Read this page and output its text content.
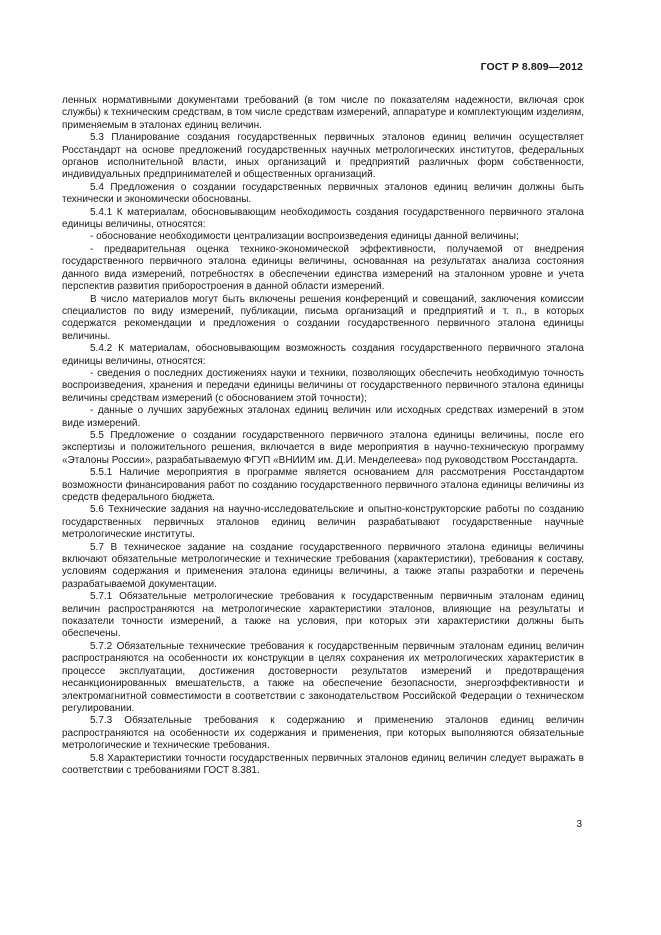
ГОСТ Р 8.809—2012

ленных нормативными документами требований (в том числе по показателям надежности, включая срок службы) к техническим средствам, в том числе средствам измерений, аппаратуре и комплектующим изделиям, применяемым в эталонах единиц величин.

5.3 Планирование создания государственных первичных эталонов единиц величин осуществляет Росстандарт на основе предложений государственных научных метрологических институтов, федеральных органов исполнительной власти, иных организаций и предприятий различных форм собственности, индивидуальных предпринимателей и общественных организаций.

5.4 Предложения о создании государственных первичных эталонов единиц величин должны быть технически и экономически обоснованы.

5.4.1 К материалам, обосновывающим необходимость создания государственного первичного эталона единицы величины, относятся:

- обоснование необходимости централизации воспроизведения единицы данной величины;

- предварительная оценка технико-экономической эффективности, получаемой от внедрения государственного первичного эталона единицы величины, основанная на результатах анализа состояния данного вида измерений, потребностях в обеспечении единства измерений на эталонном уровне и учета перспектив развития приборостроения в данной области измерений.

В число материалов могут быть включены решения конференций и совещаний, заключения комиссии специалистов по виду измерений, публикации, письма организаций и предприятий и т. п., в которых содержатся рекомендации и предложения о создании государственного первичного эталона единицы величины.

5.4.2 К материалам, обосновывающим возможность создания государственного первичного эталона единицы величины, относятся:

- сведения о последних достижениях науки и техники, позволяющих обеспечить необходимую точность воспроизведения, хранения и передачи единицы величины от государственного первичного эталона единицы величины средствам измерений (с обоснованием этой точности);

- данные о лучших зарубежных эталонах единиц величин или исходных средствах измерений в этом виде измерений.

5.5 Предложение о создании государственного первичного эталона единицы величины, после его экспертизы и положительного решения, включается в виде мероприятия в научно-техническую программу «Эталоны России», разрабатываемую ФГУП «ВНИИМ им. Д.И. Менделеева» под руководством Росстандарта.

5.5.1 Наличие мероприятия в программе является основанием для рассмотрения Росстандартом возможности финансирования работ по созданию государственного первичного эталона единицы величины из средств федерального бюджета.

5.6 Технические задания на научно-исследовательские и опытно-конструкторские работы по созданию государственных первичных эталонов единиц величин разрабатывают государственные научные метрологические институты.

5.7 В техническое задание на создание государственного первичного эталона единицы величины включают обязательные метрологические и технические требования (характеристики), требования к составу, условиям содержания и применения эталона единицы величины, а также этапы разработки и перечень разрабатываемой документации.

5.7.1 Обязательные метрологические требования к государственным первичным эталонам единиц величин распространяются на метрологические характеристики эталонов, влияющие на результаты и показатели точности измерений, а также на условия, при которых эти характеристики должны быть обеспечены.

5.7.2 Обязательные технические требования к государственным первичным эталонам единиц величин распространяются на особенности их конструкции в целях сохранения их метрологических характеристик в процессе эксплуатации, достижения достоверности результатов измерений и предотвращения несанкционированных вмешательств, а также на обеспечение безопасности, энергоэффективности и электромагнитной совместимости в соответствии с законодательством Российской Федерации о техническом регулировании.

5.7.3 Обязательные требования к содержанию и применению эталонов единиц величин распространяются на особенности их содержания и применения, при которых выполняются обязательные метрологические и технические требования.

5.8 Характеристики точности государственных первичных эталонов единиц величин следует выражать в соответствии с требованиями ГОСТ 8.381.

3
